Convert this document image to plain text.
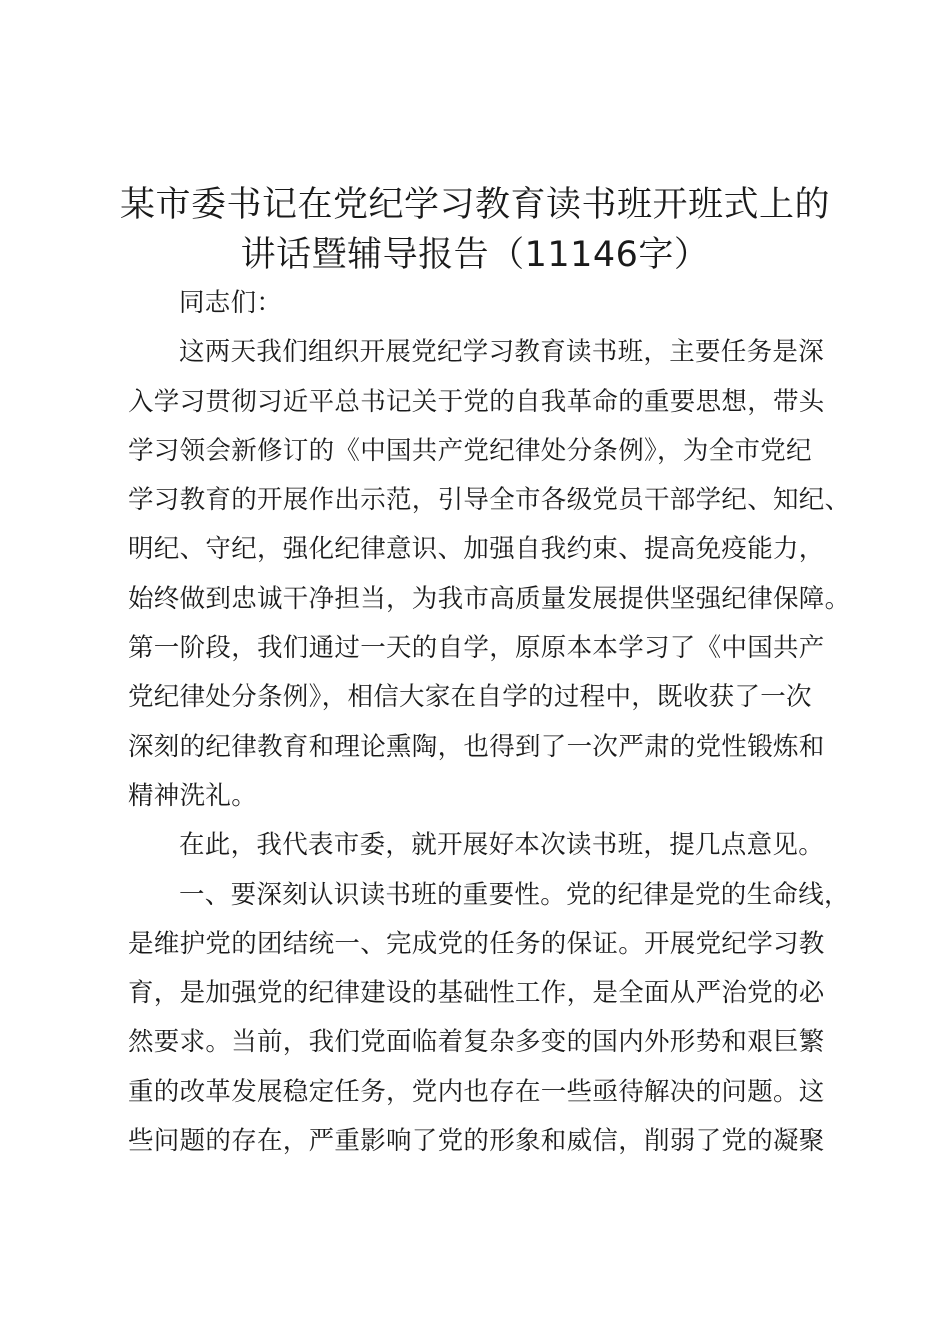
某市委书记在党纪学习教育读书班开班式上的
讲话暨辅导报告（11146字）
同志们：
这两天我们组织开展党纪学习教育读书班，主要任务是深
入学习贯彻习近平总书记关于党的自我革命的重要思想，带头
学习领会新修订的《中国共产党纪律处分条例》，为全市党纪
学习教育的开展作出示范，引导全市各级党员干部学纪、知纪、
明纪、守纪，强化纪律意识、加强自我约束、提高免疫能力，
始终做到忠诚干净担当，为我市高质量发展提供坚强纪律保障。
第一阶段，我们通过一天的自学，原原本本学习了《中国共产
党纪律处分条例》，相信大家在自学的过程中，既收获了一次
深刻的纪律教育和理论熏陶，也得到了一次严肃的党性锻炼和
精神洗礼。
在此，我代表市委，就开展好本次读书班，提几点意见。
一、要深刻认识读书班的重要性。党的纪律是党的生命线，
是维护党的团结统一、完成党的任务的保证。开展党纪学习教
育，是加强党的纪律建设的基础性工作，是全面从严治党的必
然要求。当前，我们党面临着复杂多变的国内外形势和艰巨繁
重的改革发展稳定任务，党内也存在一些亟待解决的问题。这
些问题的存在，严重影响了党的形象和威信，削弱了党的凝聚
